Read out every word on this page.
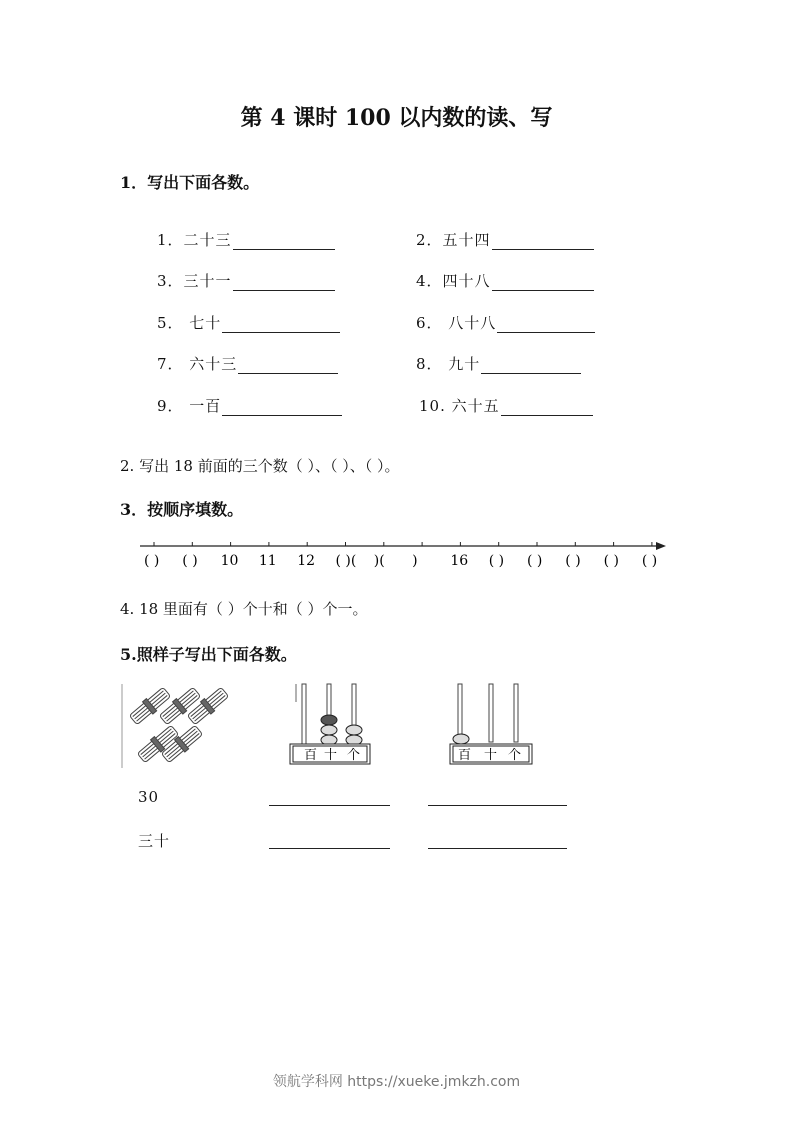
第 4 课时 100 以内数的读、写
1．写出下面各数。
1．二十三	2．五十四
3．三十一	4．四十八
5． 七十	6． 八十八
7． 六十三	8． 九十
9． 一百	10. 六十五
2. 写出 18 前面的三个数（ ）、（ ）、（ ）。
3．按顺序填数。
( ) ( ) 10 11 12 ( )( )( ) 16 ( ) ( ) ( ) ( ) ( )
4. 18 里面有（ ）个十和（ ）个一。
5.照样子写出下面各数。
百 十 个	百 十 个
30
三十
领航学科网 https://xueke.jmkzh.com
